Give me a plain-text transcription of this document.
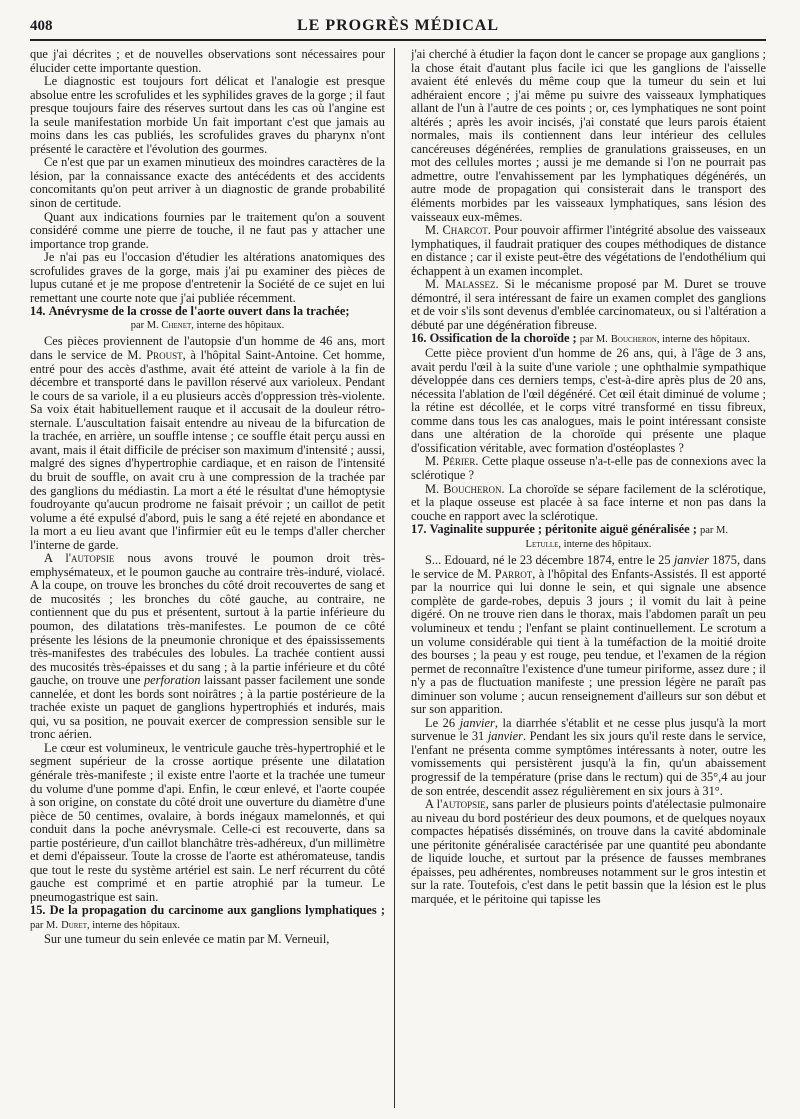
408	LE PROGRÈS MÉDICAL

que j'ai décrites ; et de nouvelles observations sont nécessaires pour élucider cette importante question.

Le diagnostic est toujours fort délicat et l'analogie est presque absolue entre les scrofulides et les syphilides graves de la gorge ; il faut presque toujours faire des réserves surtout dans les cas où l'angine est la seule manifestation morbide Un fait important c'est que jamais au moins dans les cas publiés, les scrofulides graves du pharynx n'ont présenté le caractère et l'évolution des gourmes.

Ce n'est que par un examen minutieux des moindres caractères de la lésion, par la connaissance exacte des antécédents et des accidents concomitants qu'on peut arriver à un diagnostic de grande probabilité sinon de certitude.

Quant aux indications fournies par le traitement qu'on a souvent considéré comme une pierre de touche, il ne faut pas y attacher une importance trop grande.

Je n'ai pas eu l'occasion d'étudier les altérations anatomiques des scrofulides graves de la gorge, mais j'ai pu examiner des pièces de lupus cutané et je me propose d'entretenir la Société de ce sujet en lui remettant une courte note que j'ai publiée récemment.

14. Anévrysme de la crosse de l'aorte ouvert dans la trachée;

par M. Chenet, interne des hôpitaux.

Ces pièces proviennent de l'autopsie d'un homme de 46 ans, mort dans le service de M. Proust, à l'hôpital Saint-Antoine. Cet homme, entré pour des accès d'asthme, avait été atteint de variole à la fin de décembre et transporté dans le pavillon réservé aux varioleux. Pendant le cours de sa variole, il a eu plusieurs accès d'oppression très-violente. Sa voix était habituellement rauque et il accusait de la douleur rétro-sternale. L'auscultation faisait entendre au niveau de la bifurcation de la trachée, en arrière, un souffle intense ; ce souffle était perçu aussi en avant, mais il était difficile de préciser son maximum d'intensité ; aussi, malgré des signes d'hypertrophie cardiaque, et en raison de l'intensité du bruit de souffle, on avait cru à une compression de la trachée par des ganglions du médiastin. La mort a été le résultat d'une hémoptysie foudroyante qu'aucun prodrome ne faisait prévoir ; un caillot de petit volume a été expulsé d'abord, puis le sang a été rejeté en abondance et la mort a eu lieu avant que l'infirmier eût eu le temps d'aller chercher l'interne de garde.

A l'autopsie nous avons trouvé le poumon droit très-emphysémateux, et le poumon gauche au contraire très-induré, violacé. A la coupe, on trouve les bronches du côté droit recouvertes de sang et de mucosités ; les bronches du côté gauche, au contraire, ne contiennent que du pus et présentent, surtout à la partie inférieure du poumon, des dilatations très-manifestes. Le poumon de ce côté présente les lésions de la pneumonie chronique et des épaississements très-manifestes des trabécules des lobules. La trachée contient aussi des mucosités très-épaisses et du sang ; à la partie inférieure et du côté gauche, on trouve une perforation laissant passer facilement une sonde cannelée, et dont les bords sont noirâtres ; à la partie postérieure de la trachée existe un paquet de ganglions hypertrophiés et indurés, mais qui, vu sa position, ne pouvait exercer de compression sensible sur le tronc aérien.

Le cœur est volumineux, le ventricule gauche très-hypertrophié et le segment supérieur de la crosse aortique présente une dilatation générale très-manifeste ; il existe entre l'aorte et la trachée une tumeur du volume d'une pomme d'api. Enfin, le cœur enlevé, et l'aorte coupée à son origine, on constate du côté droit une ouverture du diamètre d'une pièce de 50 centimes, ovalaire, à bords inégaux mamelonnés, et qui conduit dans la poche anévrysmale. Celle-ci est recouverte, dans sa partie postérieure, d'un caillot blanchâtre très-adhéreux, d'un millimètre et demi d'épaisseur. Toute la crosse de l'aorte est athéromateuse, tandis que tout le reste du système artériel est sain. Le nerf récurrent du côté gauche est comprimé et en partie atrophié par la tumeur. Le pneumogastrique est sain.

15. De la propagation du carcinome aux ganglions lymphatiques ; par M. Duret, interne des hôpitaux.

Sur une tumeur du sein enlevée ce matin par M. Verneuil,

j'ai cherché à étudier la façon dont le cancer se propage aux ganglions ; la chose était d'autant plus facile ici que les ganglions de l'aisselle avaient été enlevés du même coup que la tumeur du sein et lui adhéraient encore ; j'ai même pu suivre des vaisseaux lymphatiques allant de l'un à l'autre de ces points ; or, ces lymphatiques ne sont point altérés ; après les avoir incisés, j'ai constaté que leurs parois étaient normales, mais ils contiennent dans leur intérieur des cellules cancéreuses dégénérées, remplies de granulations graisseuses, en un mot des cellules mortes ; aussi je me demande si l'on ne pourrait pas admettre, outre l'envahissement par les lymphatiques dégénérés, un autre mode de propagation qui consisterait dans le transport des éléments morbides par les vaisseaux lymphatiques, sans lésion des vaisseaux eux-mêmes.

M. Charcot. Pour pouvoir affirmer l'intégrité absolue des vaisseaux lymphatiques, il faudrait pratiquer des coupes méthodiques de distance en distance ; car il existe peut-être des végétations de l'endothélium qui échappent à un examen incomplet.

M. Malassez. Si le mécanisme proposé par M. Duret se trouve démontré, il sera intéressant de faire un examen complet des ganglions et de voir s'ils sont devenus d'emblée carcinomateux, ou si l'altération a débuté par une dégénération fibreuse.

16. Ossification de la choroïde ; par M. Boucheron, interne des hôpitaux.

Cette pièce provient d'un homme de 26 ans, qui, à l'âge de 3 ans, avait perdu l'œil à la suite d'une variole ; une ophthalmie sympathique développée dans ces derniers temps, c'est-à-dire après plus de 20 ans, nécessita l'ablation de l'œil dégénéré. Cet œil était diminué de volume ; la rétine est décollée, et le corps vitré transformé en tissu fibreux, comme dans tous les cas analogues, mais le point intéressant consiste dans une altération de la choroïde qui présente une plaque d'ossification véritable, avec formation d'ostéoplastes ?

M. Périer. Cette plaque osseuse n'a-t-elle pas de connexions avec la sclérotique ?

M. Boucheron. La choroïde se sépare facilement de la sclérotique, et la plaque osseuse est placée à sa face interne et non pas dans la couche en rapport avec la sclérotique.

17. Vaginalite suppurée ; péritonite aiguë généralisée ; par M.

Letulle, interne des hôpitaux.

S... Edouard, né le 23 décembre 1874, entre le 25 janvier 1875, dans le service de M. Parrot, à l'hôpital des Enfants-Assistés. Il est apporté par la nourrice qui lui donne le sein, et qui signale une absence complète de garde-robes, depuis 3 jours ; il vomit du lait à peine digéré. On ne trouve rien dans le thorax, mais l'abdomen paraît un peu volumineux et tendu ; l'enfant se plaint continuellement. Le scrotum a un volume considérable qui tient à la tuméfaction de la moitié droite des bourses ; la peau y est rouge, peu tendue, et l'examen de la région permet de reconnaître l'existence d'une tumeur piriforme, assez dure ; il n'y a pas de fluctuation manifeste ; une pression légère ne paraît pas diminuer son volume ; aucun renseignement d'ailleurs sur son début et sur son apparition.

Le 26 janvier, la diarrhée s'établit et ne cesse plus jusqu'à la mort survenue le 31 janvier. Pendant les six jours qu'il reste dans le service, l'enfant ne présenta comme symptômes intéressants à noter, outre les vomissements qui persistèrent jusqu'à la fin, qu'un abaissement progressif de la température (prise dans le rectum) qui de 35°,4 au jour de son entrée, descendit assez régulièrement en six jours à 31°.

A l'autopsie, sans parler de plusieurs points d'atélectasie pulmonaire au niveau du bord postérieur des deux poumons, et de quelques noyaux compactes hépatisés disséminés, on trouve dans la cavité abdominale une péritonite généralisée caractérisée par une quantité peu abondante de liquide louche, et surtout par la présence de fausses membranes épaisses, peu adhérentes, nombreuses notamment sur le gros intestin et sur la rate. Toutefois, c'est dans le petit bassin que la lésion est le plus marquée, et le péritoine qui tapisse les
